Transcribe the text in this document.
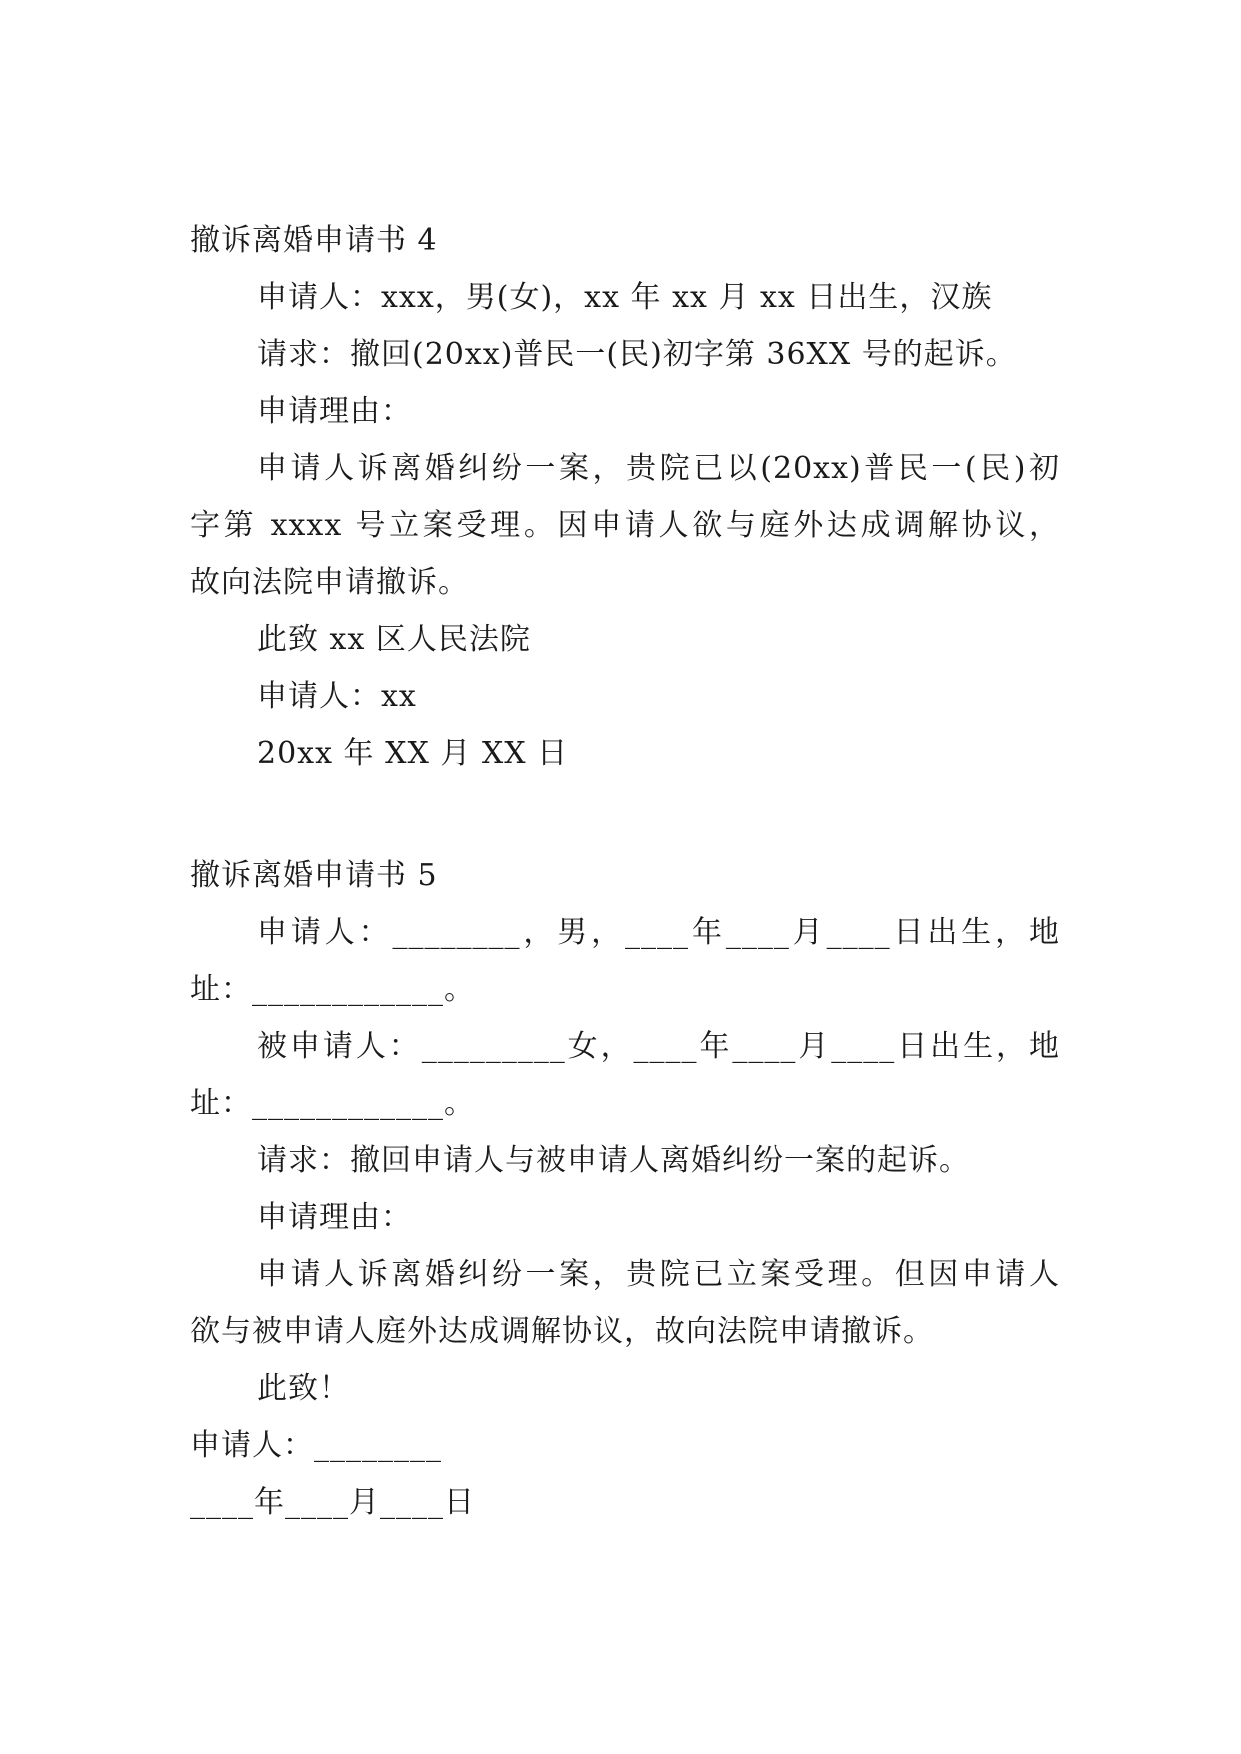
撤诉离婚申请书 4
申请人：xxx，男(女)，xx 年 xx 月 xx 日出生，汉族
请求：撤回(20xx)普民一(民)初字第 36XX 号的起诉。
申请理由：
申请人诉离婚纠纷一案，贵院已以(20xx)普民一(民)初
字第 xxxx 号立案受理。因申请人欲与庭外达成调解协议，
故向法院申请撤诉。
此致 xx 区人民法院
申请人：xx
20xx 年 XX 月 XX 日
撤诉离婚申请书 5
申请人：________，男，____年____月____日出生，地
址：____________。
被申请人：_________女，____年____月____日出生，地
址：____________。
请求：撤回申请人与被申请人离婚纠纷一案的起诉。
申请理由：
申请人诉离婚纠纷一案，贵院已立案受理。但因申请人
欲与被申请人庭外达成调解协议，故向法院申请撤诉。
此致！
申请人：________
____年____月____日
